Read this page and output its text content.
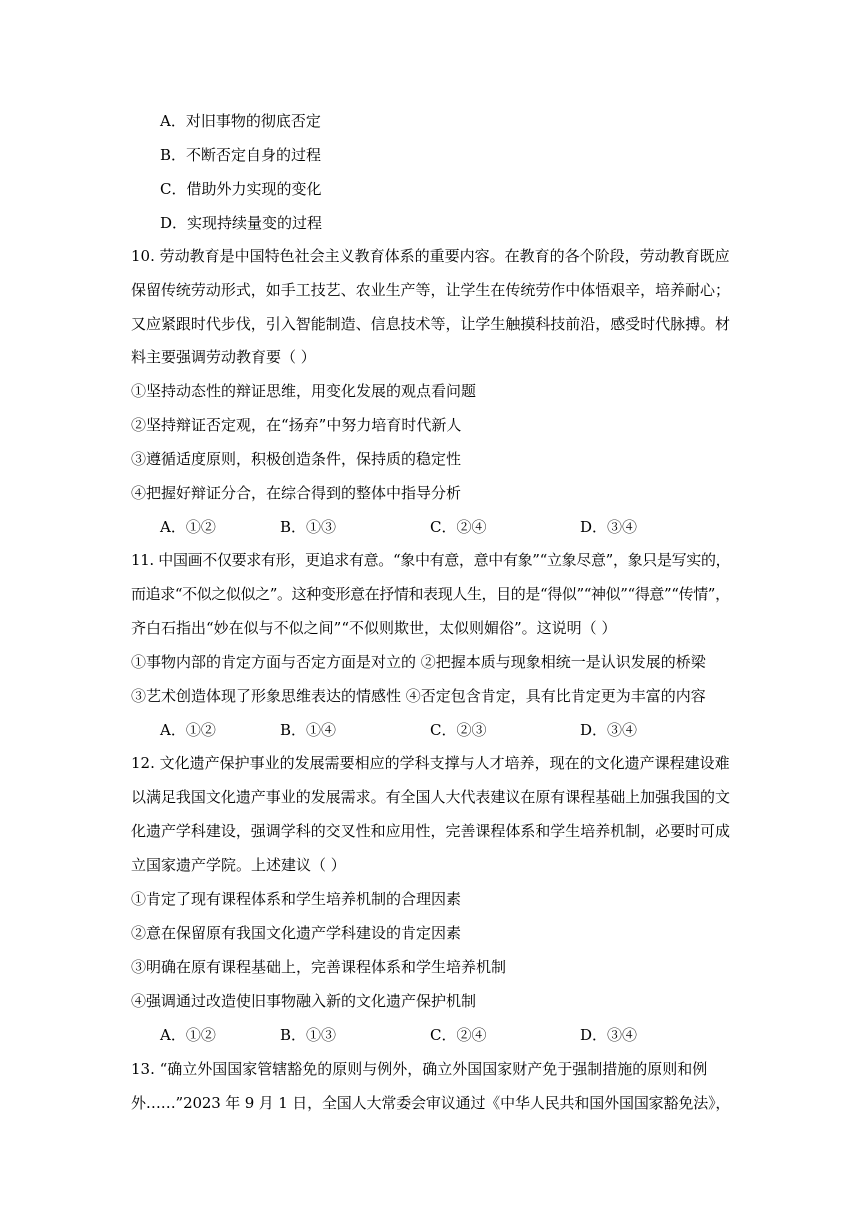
A．对旧事物的彻底否定
B．不断否定自身的过程
C．借助外力实现的变化
D．实现持续量变的过程
10. 劳动教育是中国特色社会主义教育体系的重要内容。在教育的各个阶段，劳动教育既应
保留传统劳动形式，如手工技艺、农业生产等，让学生在传统劳作中体悟艰辛，培养耐心；
又应紧跟时代步伐，引入智能制造、信息技术等，让学生触摸科技前沿，感受时代脉搏。材
料主要强调劳动教育要（ ）
①坚持动态性的辩证思维，用变化发展的观点看问题
②坚持辩证否定观，在“扬弃”中努力培育时代新人
③遵循适度原则，积极创造条件，保持质的稳定性
④把握好辩证分合，在综合得到的整体中指导分析
A．①②	B．①③	C．②④	D．③④
11. 中国画不仅要求有形，更追求有意。“象中有意，意中有象”“立象尽意”，象只是写实的，
而追求“不似之似似之”。这种变形意在抒情和表现人生，目的是“得似”“神似”“得意”“传情”，
齐白石指出“妙在似与不似之间”“不似则欺世，太似则媚俗”。这说明（ ）
①事物内部的肯定方面与否定方面是对立的 ②把握本质与现象相统一是认识发展的桥梁
③艺术创造体现了形象思维表达的情感性 ④否定包含肯定，具有比肯定更为丰富的内容
A．①②	B．①④	C．②③	D．③④
12. 文化遗产保护事业的发展需要相应的学科支撑与人才培养，现在的文化遗产课程建设难
以满足我国文化遗产事业的发展需求。有全国人大代表建议在原有课程基础上加强我国的文
化遗产学科建设，强调学科的交叉性和应用性，完善课程体系和学生培养机制，必要时可成
立国家遗产学院。上述建议（ ）
①肯定了现有课程体系和学生培养机制的合理因素
②意在保留原有我国文化遗产学科建设的肯定因素
③明确在原有课程基础上，完善课程体系和学生培养机制
④强调通过改造使旧事物融入新的文化遗产保护机制
A．①②	B．①③	C．②④	D．③④
13. “确立外国国家管辖豁免的原则与例外，确立外国国家财产免于强制措施的原则和例
外……”2023 年 9 月 1 日，全国人大常委会审议通过《中华人民共和国外国国家豁免法》，
